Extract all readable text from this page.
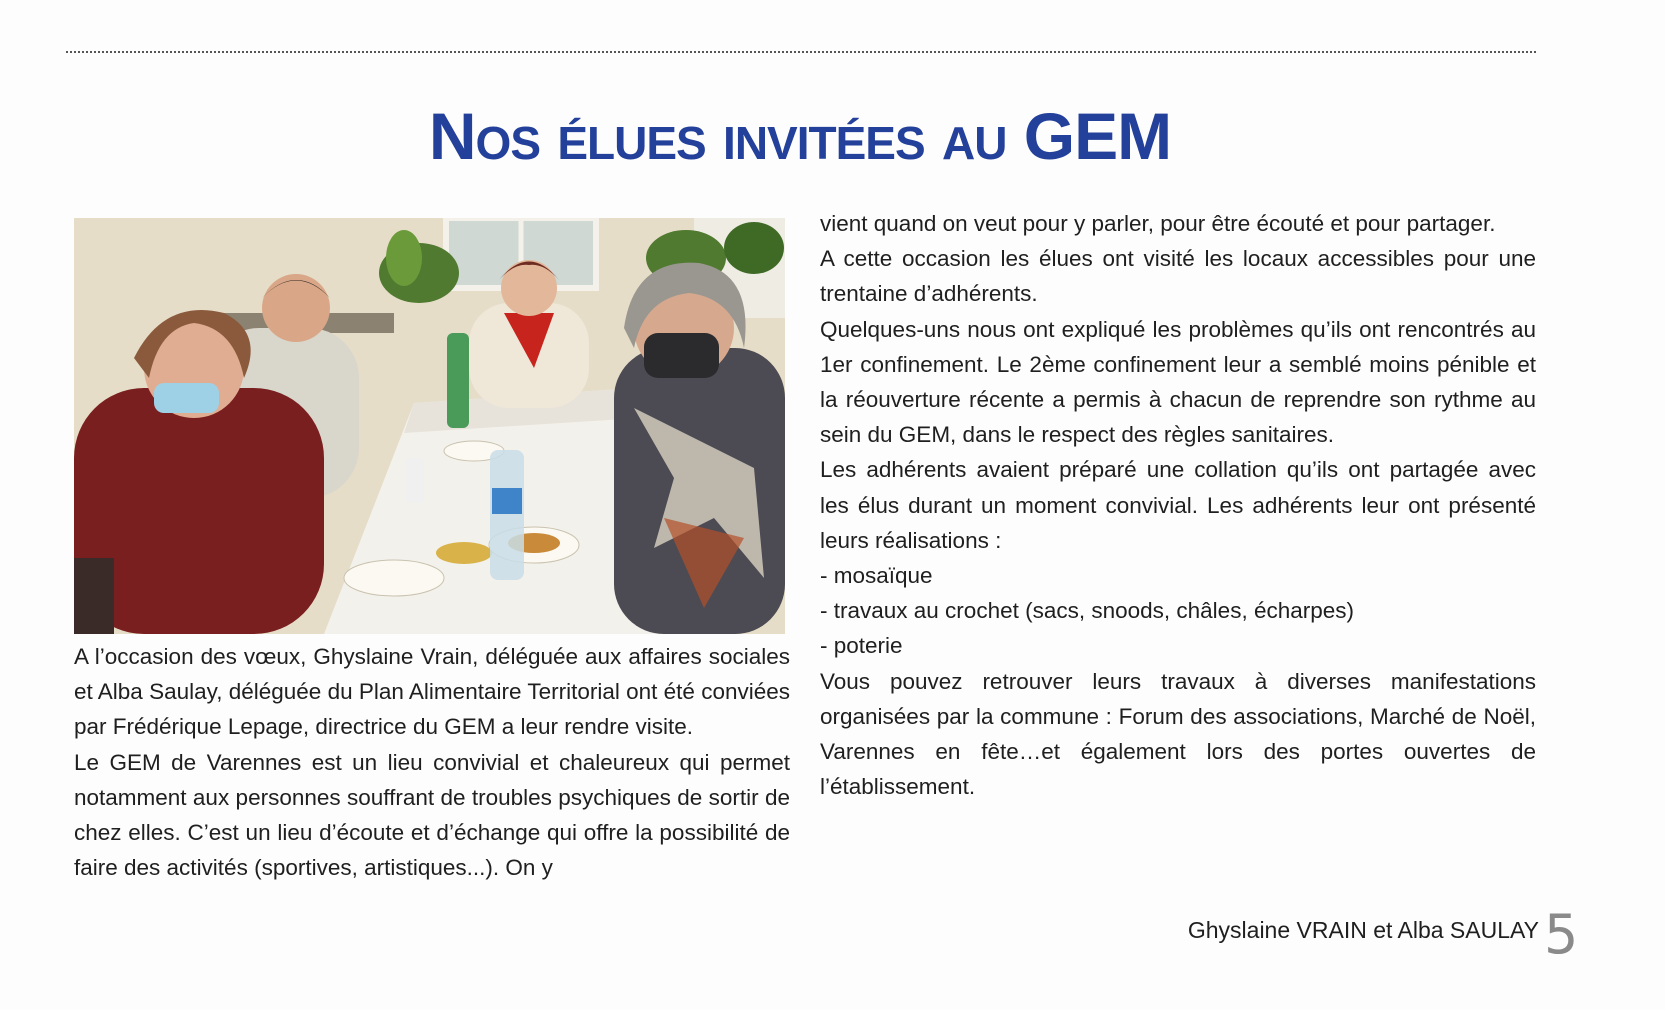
Nos élues invitées au GEM

A l’occasion des vœux, Ghyslaine Vrain, déléguée aux affaires sociales et Alba Saulay, déléguée du Plan Alimentaire Territorial ont été conviées par Frédérique Lepage, directrice du GEM a leur rendre visite.

Le GEM de Varennes est un lieu convivial et chaleureux qui permet notamment aux personnes souffrant de troubles psychiques de sortir de chez elles. C’est un lieu d’écoute et d’échange qui offre la possibilité de faire des activités (sportives, artistiques...). On y

vient quand on veut pour y parler, pour être écouté et pour partager.

A cette occasion les élues ont visité les locaux accessibles pour une trentaine d’adhérents.

Quelques-uns nous ont expliqué les problèmes qu’ils ont rencontrés au 1er confinement. Le 2ème confinement leur a semblé moins pénible et la réouverture récente a permis à chacun de reprendre son rythme au sein du GEM, dans le respect des règles sanitaires.

Les adhérents avaient préparé une collation qu’ils ont partagée avec les élus durant un moment convivial. Les adhérents leur ont présenté leurs réalisations :

- mosaïque

- travaux au crochet (sacs, snoods, châles, écharpes)

- poterie

Vous pouvez retrouver leurs travaux à diverses manifestations organisées par la commune : Forum des associations, Marché de Noël, Varennes en fête…et également lors des portes ouvertes de l’établissement.

Ghyslaine VRAIN et Alba SAULAY 5
